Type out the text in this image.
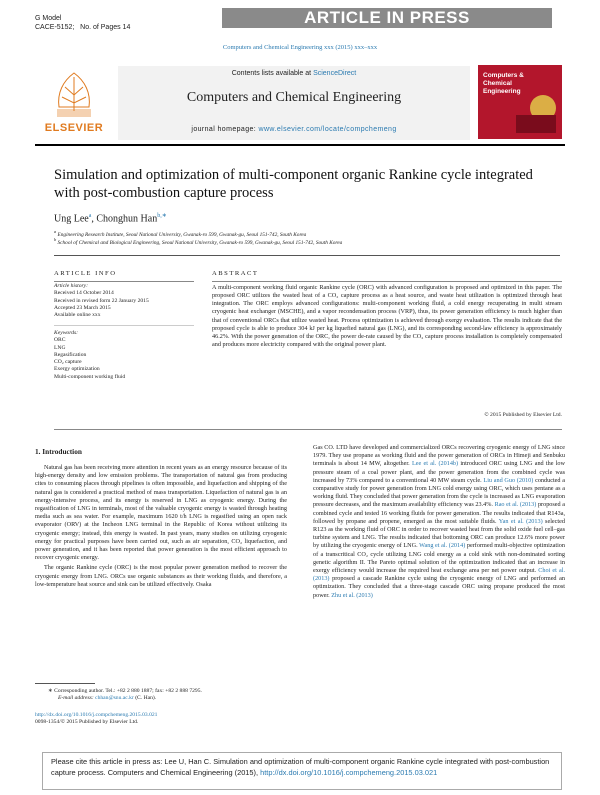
G Model
CACE-5152; No. of Pages 14
ARTICLE IN PRESS
Computers and Chemical Engineering xxx (2015) xxx–xxx
ELSEVIER
Contents lists available at ScienceDirect
Computers and Chemical Engineering
journal homepage: www.elsevier.com/locate/compchemeng
Computers & Chemical Engineering
Simulation and optimization of multi-component organic Rankine cycle integrated with post-combustion capture process
Ung Lee$^a$, Chonghun Han$^{b,∗}$
$^a$ Engineering Research Institute, Seoul National University, Gwanak-ro 599, Gwanak-gu, Seoul 151-742, South Korea
$^b$ School of Chemical and Biological Engineering, Seoul National University, Gwanak-ro 599, Gwanak-gu, Seoul 151-742, South Korea
ARTICLE INFO
Article history:
Received 14 October 2014
Received in revised form 22 January 2015
Accepted 23 March 2015
Available online xxx
Keywords:
ORC
LNG
Regasification
CO₂ capture
Exergy optimization
Multi-component working fluid
ABSTRACT
A multi-component working fluid organic Rankine cycle (ORC) with advanced configuration is proposed and optimized in this paper. The proposed ORC utilizes the wasted heat of a CO₂ capture process as a heat source, and waste heat utilization is optimized through heat integration. The ORC employs advanced configurations: multi-component working fluid, a cold energy recuperating in multi stream cryogenic heat exchanger (MSCHE), and a vapor recondensation process (VRP), thus, its power generation efficiency is much higher than that of conventional ORCs that utilize wasted heat. Process optimization is achieved through exergy evaluation. The results indicate that the proposed cycle is able to produce 304 kJ per kg liquefied natural gas (LNG), and its corresponding second-law efficiency is approximately 46.2%. With the power generation of the ORC, the power de-rate caused by the CO₂ capture process installation is completely compensated and produces more electricity compared with the original power plant.
© 2015 Published by Elsevier Ltd.
1. Introduction

Natural gas has been receiving more attention in recent years as an energy resource because of its high-energy density and low emission problems. The transportation of natural gas from producing cites to consuming places through pipelines is often impossible, and liquefaction and shipping of the natural gas is considered a practical method of mass transportation. Liquefaction of natural gas is an energy-intensive process, and its energy is reserved in LNG as cryogenic energy. During the regasification of LNG in terminals, most of the valuable cryogenic energy is wasted through heating media such as sea water. For example, maximum 1620 t/h LNG is regasified using an open rack evaporator (ORV) at the Incheon LNG terminal in the Republic of Korea without utilizing its cryogenic energy; instead, this energy is wasted. In past years, many studies on utilizing cryogenic energy for practical purposes have been carried out, such as air separation, CO₂ liquefaction, and power generation, and it has been reported that power generation is the most efficient approach to recover cryogenic energy.

The organic Rankine cycle (ORC) is the most popular power generation method to recover the cryogenic energy from LNG. ORCs use organic substances as their working fluids, and therefore, a low-temperature heat source and sink can be utilized effectively. Osaka

Gas CO. LTD have developed and commercialized ORCs recovering cryogenic energy of LNG since 1979. They use propane as working fluid and the power generation of ORCs in Himeji and Senbuku terminals is about 14 MW, altogether. Lee et al. (2014b) introduced ORC using LNG and the low pressure steam of a coal power plant, and the power generation from the combined cycle was increased by 73% compared to a conventional 40 MW steam cycle. Liu and Guo (2010) conducted a comparative study for power generation from LNG cold energy using ORC, which uses pentane as a working fluid. They concluded that power generation from the cycle is increased as LNG evaporation pressure decreases, and the maximum availability efficiency was 23.4%. Rao et al. (2013) proposed a combined cycle and tested 16 working fluids for power generation. The results indicated that R143a, followed by propane and propene, emerged as the most suitable fluids. Yan et al. (2013) selected R123 as the working fluid of ORC in order to recover wasted heat from the solid oxide fuel cell–gas turbine system and LNG. The results indicated that bottoming ORC can produce 12.6% more power by utilizing the cryogenic energy of LNG. Wang et al. (2014) performed multi-objective optimization of a transcritical CO₂ cycle utilizing LNG cold energy as a cold sink with non-dominated sorting genetic algorithm II. The Pareto optimal solution of the optimization indicated that an increase in exergy efficiency would increase the required heat exchange area per net power output. Choi et al. (2013) proposed a cascade Rankine cycle using the cryogenic energy of LNG and performed an optimization. They concluded that a three-stage cascade ORC using propane produced the most power. Zhu et al. (2013)
∗ Corresponding author. Tel.: +82 2 880 1887; fax: +82 2 888 7295.
E-mail address: chhan@snu.ac.kr (C. Han).
http://dx.doi.org/10.1016/j.compchemeng.2015.03.021
0098-1354/© 2015 Published by Elsevier Ltd.
Please cite this article in press as: Lee U, Han C. Simulation and optimization of multi-component organic Rankine cycle integrated with post-combustion capture process. Computers and Chemical Engineering (2015), http://dx.doi.org/10.1016/j.compchemeng.2015.03.021
